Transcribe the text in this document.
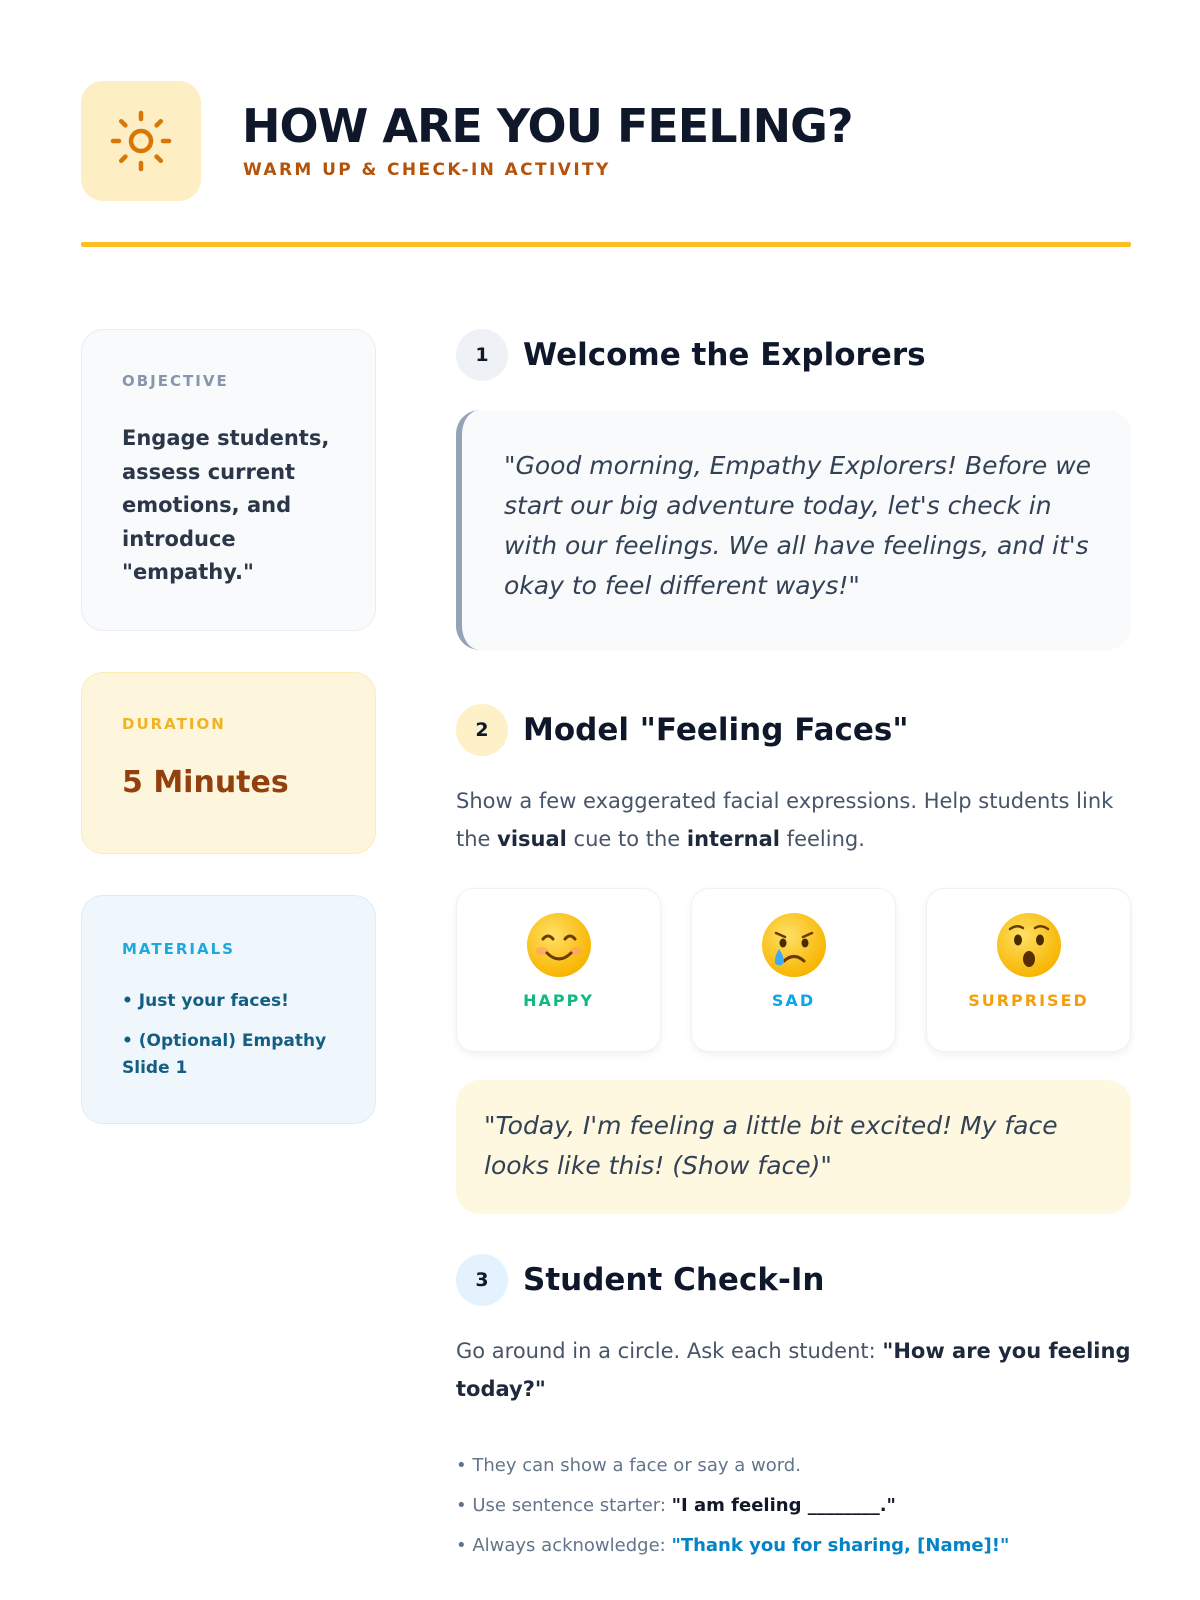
HOW ARE YOU FEELING?
WARM UP & CHECK-IN ACTIVITY
OBJECTIVE
Engage students, assess current emotions, and introduce "empathy."
DURATION
5 Minutes
MATERIALS
• Just your faces!
• (Optional) Empathy Slide 1
1	Welcome the Explorers
"Good morning, Empathy Explorers! Before we start our big adventure today, let's check in with our feelings. We all have feelings, and it's okay to feel different ways!"
2	Model "Feeling Faces"
Show a few exaggerated facial expressions. Help students link the visual cue to the internal feeling.
HAPPY	SAD	SURPRISED
"Today, I'm feeling a little bit excited! My face looks like this! (Show face)"
3	Student Check-In
Go around in a circle. Ask each student: "How are you feeling today?"
• They can show a face or say a word.
• Use sentence starter: "I am feeling ________."
• Always acknowledge: "Thank you for sharing, [Name]!"
